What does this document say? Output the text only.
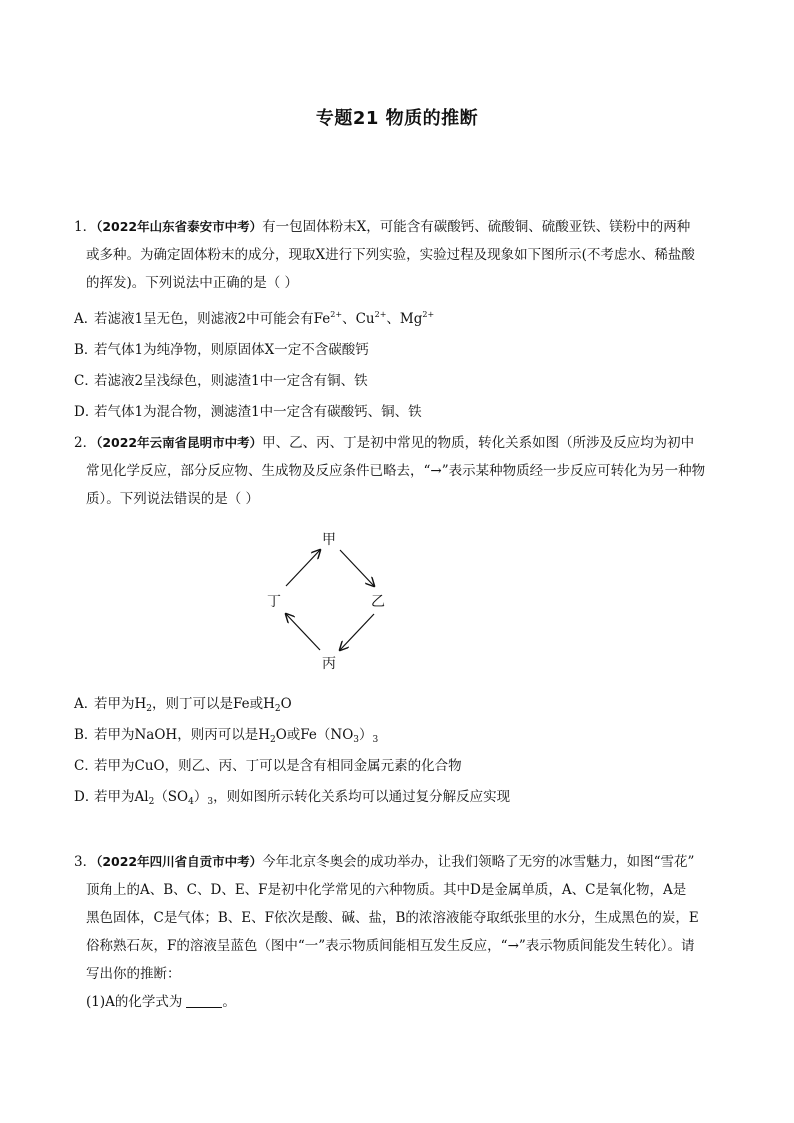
专题21 物质的推断
1．（2022年山东省泰安市中考）有一包固体粉末X，可能含有碳酸钙、硫酸铜、硫酸亚铁、镁粉中的两种
或多种。为确定固体粉末的成分，现取X进行下列实验，实验过程及现象如下图所示(不考虑水、稀盐酸
的挥发)。下列说法中正确的是（ ）
A．若滤液1呈无色，则滤液2中可能会有$Fe^{2+}$、$Cu^{2+}$、$Mg^{2+}$
B．若气体1为纯净物，则原固体X一定不含碳酸钙
C．若滤液2呈浅绿色，则滤渣1中一定含有铜、铁
D．若气体1为混合物，测滤渣1中一定含有碳酸钙、铜、铁
2．（2022年云南省昆明市中考）甲、乙、丙、丁是初中常见的物质，转化关系如图（所涉及反应均为初中
常见化学反应，部分反应物、生成物及反应条件已略去，“→”表示某种物质经一步反应可转化为另一种物
质）。下列说法错误的是（ ）
甲
乙
丙
丁
A．若甲为$H_2$，则丁可以是Fe或$H_2O$
B．若甲为NaOH，则丙可以是$H_2O$或$Fe(NO_3)_3$
C．若甲为CuO，则乙、丙、丁可以是含有相同金属元素的化合物
D．若甲为$Al_2(SO_4)_3$，则如图所示转化关系均可以通过复分解反应实现
3．（2022年四川省自贡市中考）今年北京冬奥会的成功举办，让我们领略了无穷的冰雪魅力，如图“雪花”
顶角上的A、B、C、D、E、F是初中化学常见的六种物质。其中D是金属单质，A、C是氧化物，A是
黑色固体，C是气体；B、E、F依次是酸、碱、盐，B的浓溶液能夺取纸张里的水分，生成黑色的炭，E
俗称熟石灰，F的溶液呈蓝色（图中“一”表示物质间能相互发生反应，“→”表示物质间能发生转化）。请
写出你的推断：
(1)A的化学式为	。
